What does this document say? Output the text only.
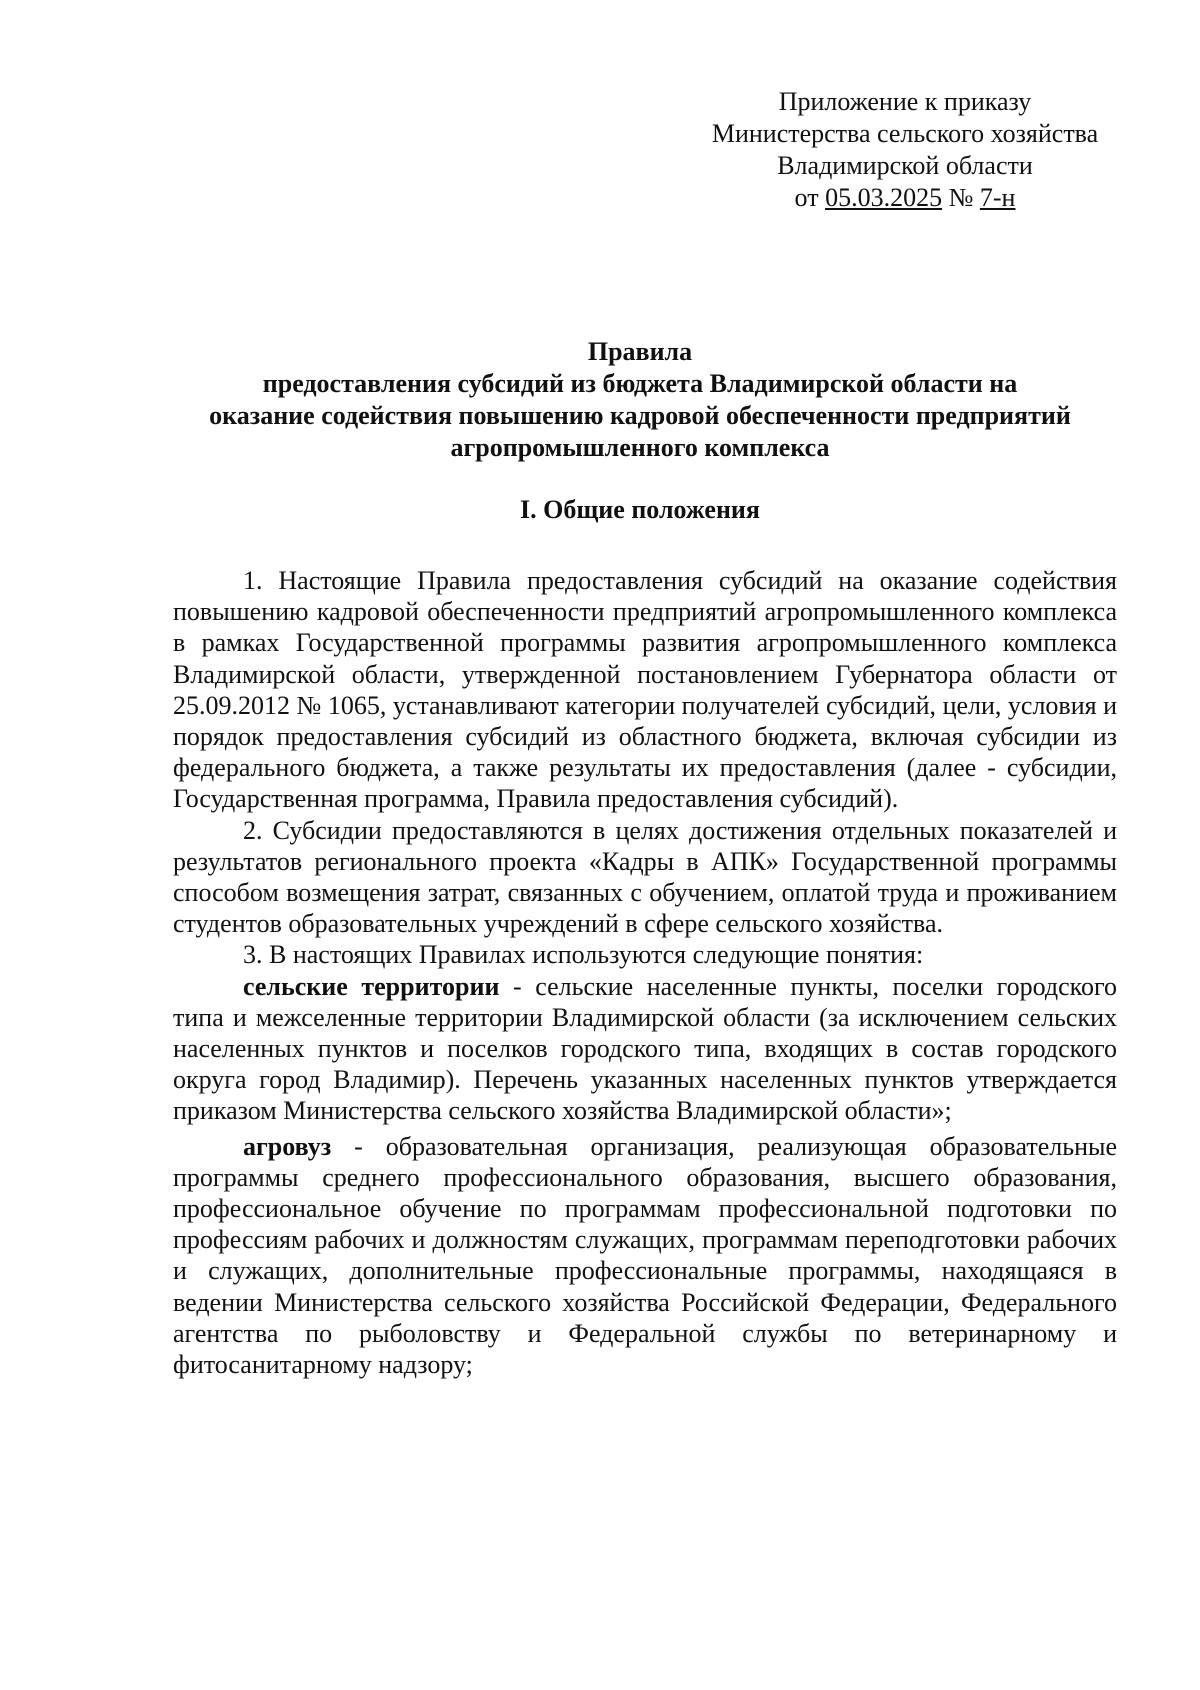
Приложение к приказу
Министерства сельского хозяйства
Владимирской области
от 05.03.2025 № 7-н
Правила
предоставления субсидий из бюджета Владимирской области на
оказание содействия повышению кадровой обеспеченности предприятий
агропромышленного комплекса
I. Общие положения

1. Настоящие Правила предоставления субсидий на оказание содействия повышению кадровой обеспеченности предприятий агропромышленного комплекса в рамках Государственной программы развития агропромышленного комплекса Владимирской области, утвержденной постановлением Губернатора области от 25.09.2012 № 1065, устанавливают категории получателей субсидий, цели, условия и порядок предоставления субсидий из областного бюджета, включая субсидии из федерального бюджета, а также результаты их предоставления (далее - субсидии, Государственная программа, Правила предоставления субсидий).

2. Субсидии предоставляются в целях достижения отдельных показателей и результатов регионального проекта «Кадры в АПК» Государственной программы способом возмещения затрат, связанных с обучением, оплатой труда и проживанием студентов образовательных учреждений в сфере сельского хозяйства.

3. В настоящих Правилах используются следующие понятия:

сельские территории - сельские населенные пункты, поселки городского типа и межселенные территории Владимирской области (за исключением сельских населенных пунктов и поселков городского типа, входящих в состав городского округа город Владимир). Перечень указанных населенных пунктов утверждается приказом Министерства сельского хозяйства Владимирской области»;

агровуз - образовательная организация, реализующая образовательные программы среднего профессионального образования, высшего образования, профессиональное обучение по программам профессиональной подготовки по профессиям рабочих и должностям служащих, программам переподготовки рабочих и служащих, дополнительные профессиональные программы, находящаяся в ведении Министерства сельского хозяйства Российской Федерации, Федерального агентства по рыболовству и Федеральной службы по ветеринарному и фитосанитарному надзору;
